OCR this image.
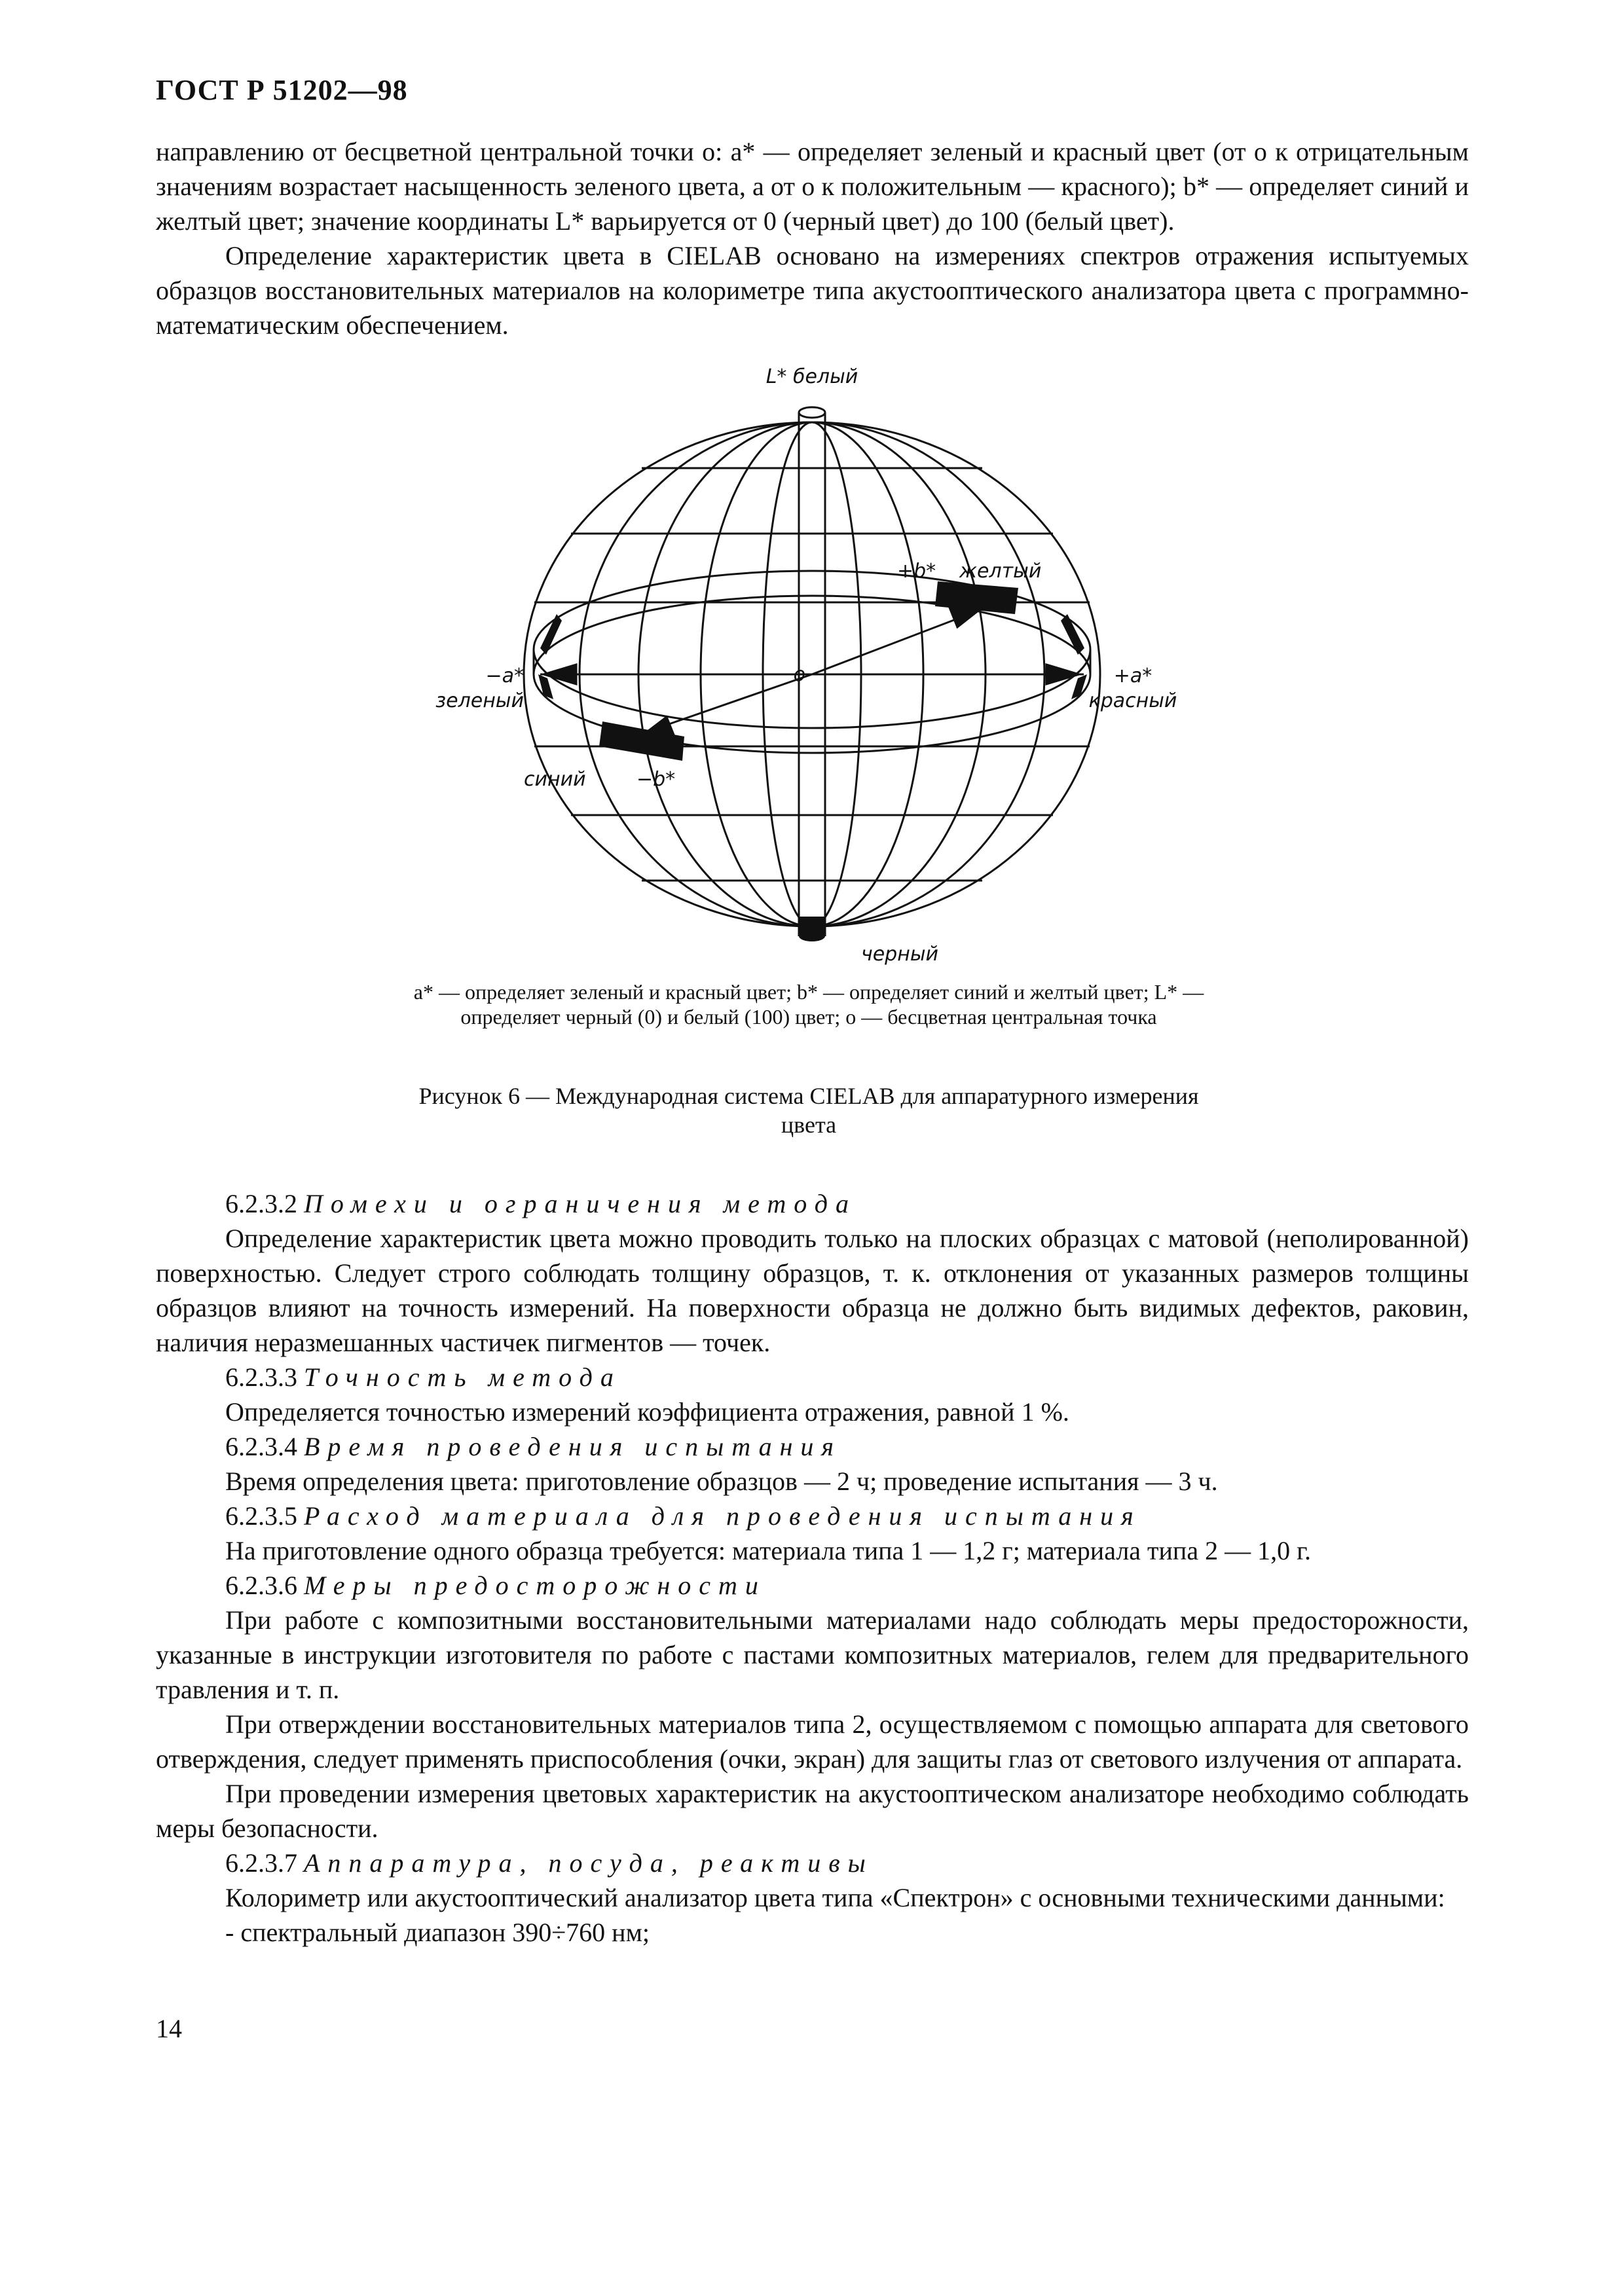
ГОСТ Р 51202—98

направлению от бесцветной центральной точки o: a* — определяет зеленый и красный цвет (от o к отрицательным значениям возрастает насыщенность зеленого цвета, а от o к положительным — красного); b* — определяет синий и желтый цвет; значение координаты L* варьируется от 0 (черный цвет) до 100 (белый цвет).

Определение характеристик цвета в CIELAB основано на измерениях спектров отражения испытуемых образцов восстановительных материалов на колориметре типа акустооптического анализатора цвета с программно-математическим обеспечением.

L* белый
+b* желтый
−a*
зеленый
+a*
красный
o
синий	−b*
черный
a* — определяет зеленый и красный цвет; b* — определяет синий и желтый цвет; L* — определяет черный (0) и белый (100) цвет; o — бесцветная центральная точка
Рисунок 6 — Международная система CIELAB для аппаратурного измерения цвета

6.2.3.2 Помехи и ограничения метода

Определение характеристик цвета можно проводить только на плоских образцах с матовой (неполированной) поверхностью. Следует строго соблюдать толщину образцов, т. к. отклонения от указанных размеров толщины образцов влияют на точность измерений. На поверхности образца не должно быть видимых дефектов, раковин, наличия неразмешанных частичек пигментов — точек.

6.2.3.3 Точность метода

Определяется точностью измерений коэффициента отражения, равной 1 %.

6.2.3.4 Время проведения испытания

Время определения цвета: приготовление образцов — 2 ч; проведение испытания — 3 ч.

6.2.3.5 Расход материала для проведения испытания

На приготовление одного образца требуется: материала типа 1 — 1,2 г; материала типа 2 — 1,0 г.

6.2.3.6 Меры предосторожности

При работе с композитными восстановительными материалами надо соблюдать меры предосторожности, указанные в инструкции изготовителя по работе с пастами композитных материалов, гелем для предварительного травления и т. п.

При отверждении восстановительных материалов типа 2, осуществляемом с помощью аппарата для светового отверждения, следует применять приспособления (очки, экран) для защиты глаз от светового излучения от аппарата.

При проведении измерения цветовых характеристик на акустооптическом анализаторе необходимо соблюдать меры безопасности.

6.2.3.7 Аппаратура, посуда, реактивы

Колориметр или акустооптический анализатор цвета типа «Спектрон» с основными техническими данными:

- спектральный диапазон 390÷760 нм;

14
